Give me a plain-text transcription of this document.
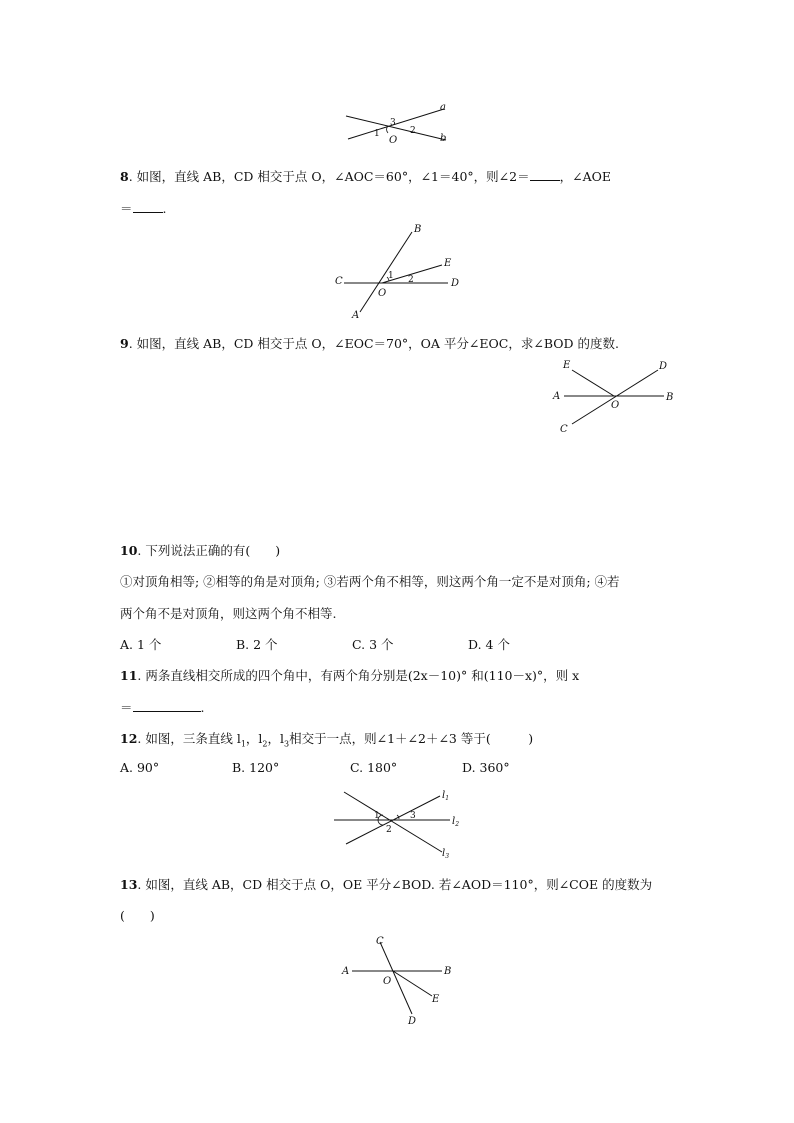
a
b
3
1	2
O
8. 如图，直线 AB，CD 相交于点 O，∠AOC＝60°，∠1＝40°，则∠2＝ ，∠AOE
＝ .
B
E
C	D
O
A
1 2
9. 如图，直线 AB，CD 相交于点 O，∠EOC＝70°，OA 平分∠EOC，求∠BOD 的度数.
E	D
A	B
O
C
10. 下列说法正确的有(　　)
①对顶角相等; ②相等的角是对顶角; ③若两个角不相等，则这两个角一定不是对顶角; ④若
两个角不是对顶角，则这两个角不相等.
A. 1 个	B. 2 个	C. 3 个	D. 4 个
11. 两条直线相交所成的四个角中，有两个角分别是(2x－10)° 和(110－x)°，则 x
＝	.
12. 如图，三条直线 $l_1$，$l_2$，$l_3$相交于一点，则∠1＋∠2＋∠3 等于(　　　)
A. 90°	B. 120°	C. 180°	D. 360°
1
2
3
$l_1$
$l_2$
$l_3$
13. 如图，直线 AB，CD 相交于点 O，OE 平分∠BOD. 若∠AOD＝110°，则∠COE 的度数为
(　　)
C
A	B
O
E
D
